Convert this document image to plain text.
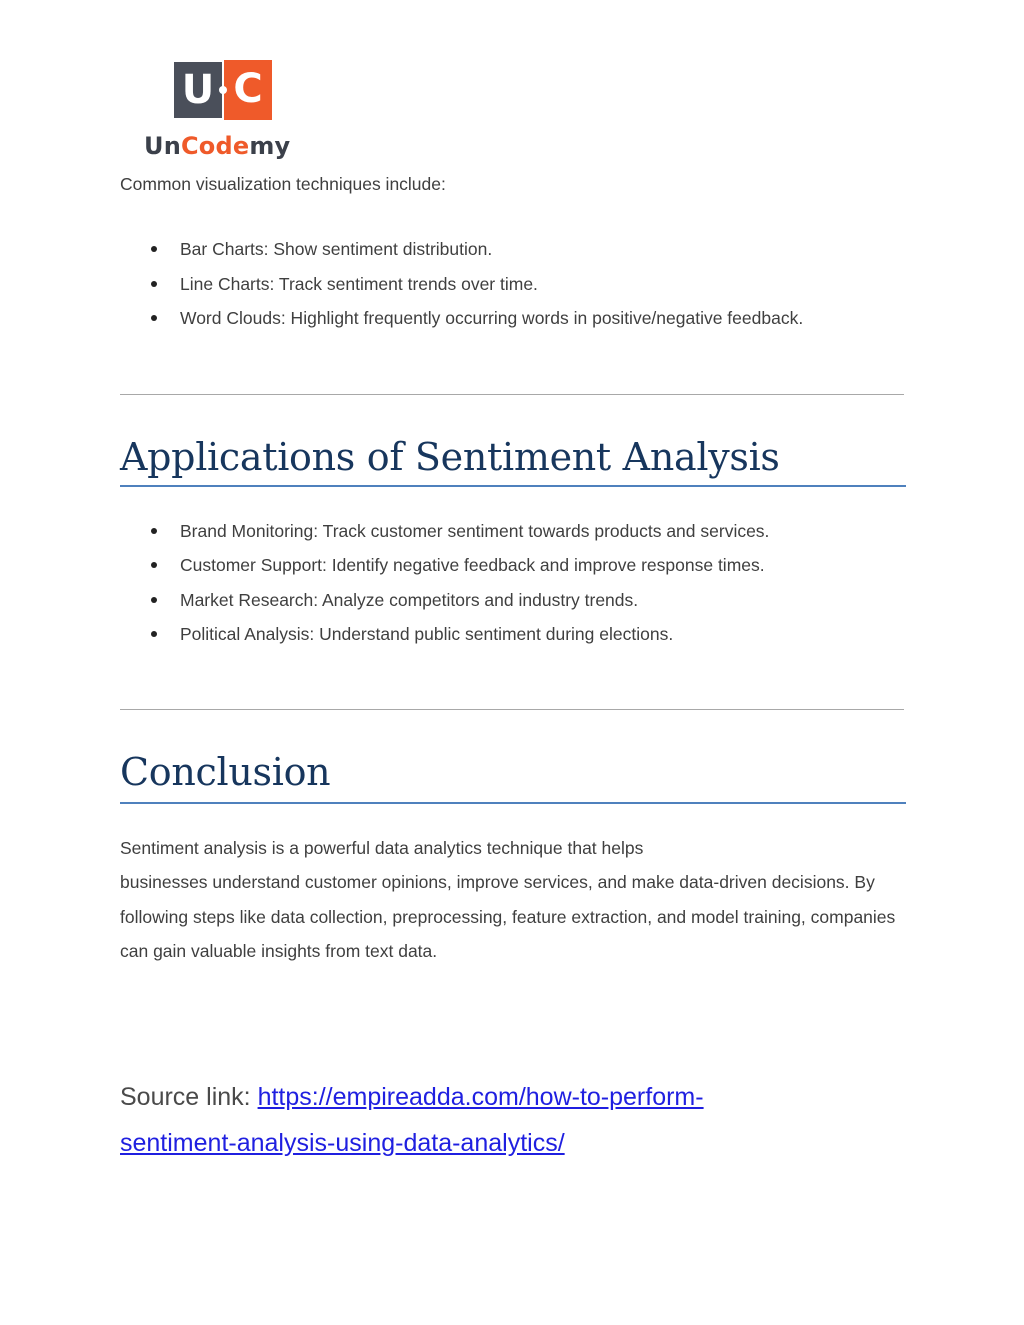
U C
UnCodemy

Common visualization techniques include:

Bar Charts: Show sentiment distribution.
Line Charts: Track sentiment trends over time.
Word Clouds: Highlight frequently occurring words in positive/negative feedback.
Applications of Sentiment Analysis
Brand Monitoring: Track customer sentiment towards products and services.
Customer Support: Identify negative feedback and improve response times.
Market Research: Analyze competitors and industry trends.
Political Analysis: Understand public sentiment during elections.
Conclusion

Sentiment analysis is a powerful data analytics technique that helps
businesses understand customer opinions, improve services, and make data-driven decisions. By following steps like data collection, preprocessing, feature extraction, and model training, companies can gain valuable insights from text data.

Source link: https://empireadda.com/how-to-perform-
sentiment-analysis-using-data-analytics/
